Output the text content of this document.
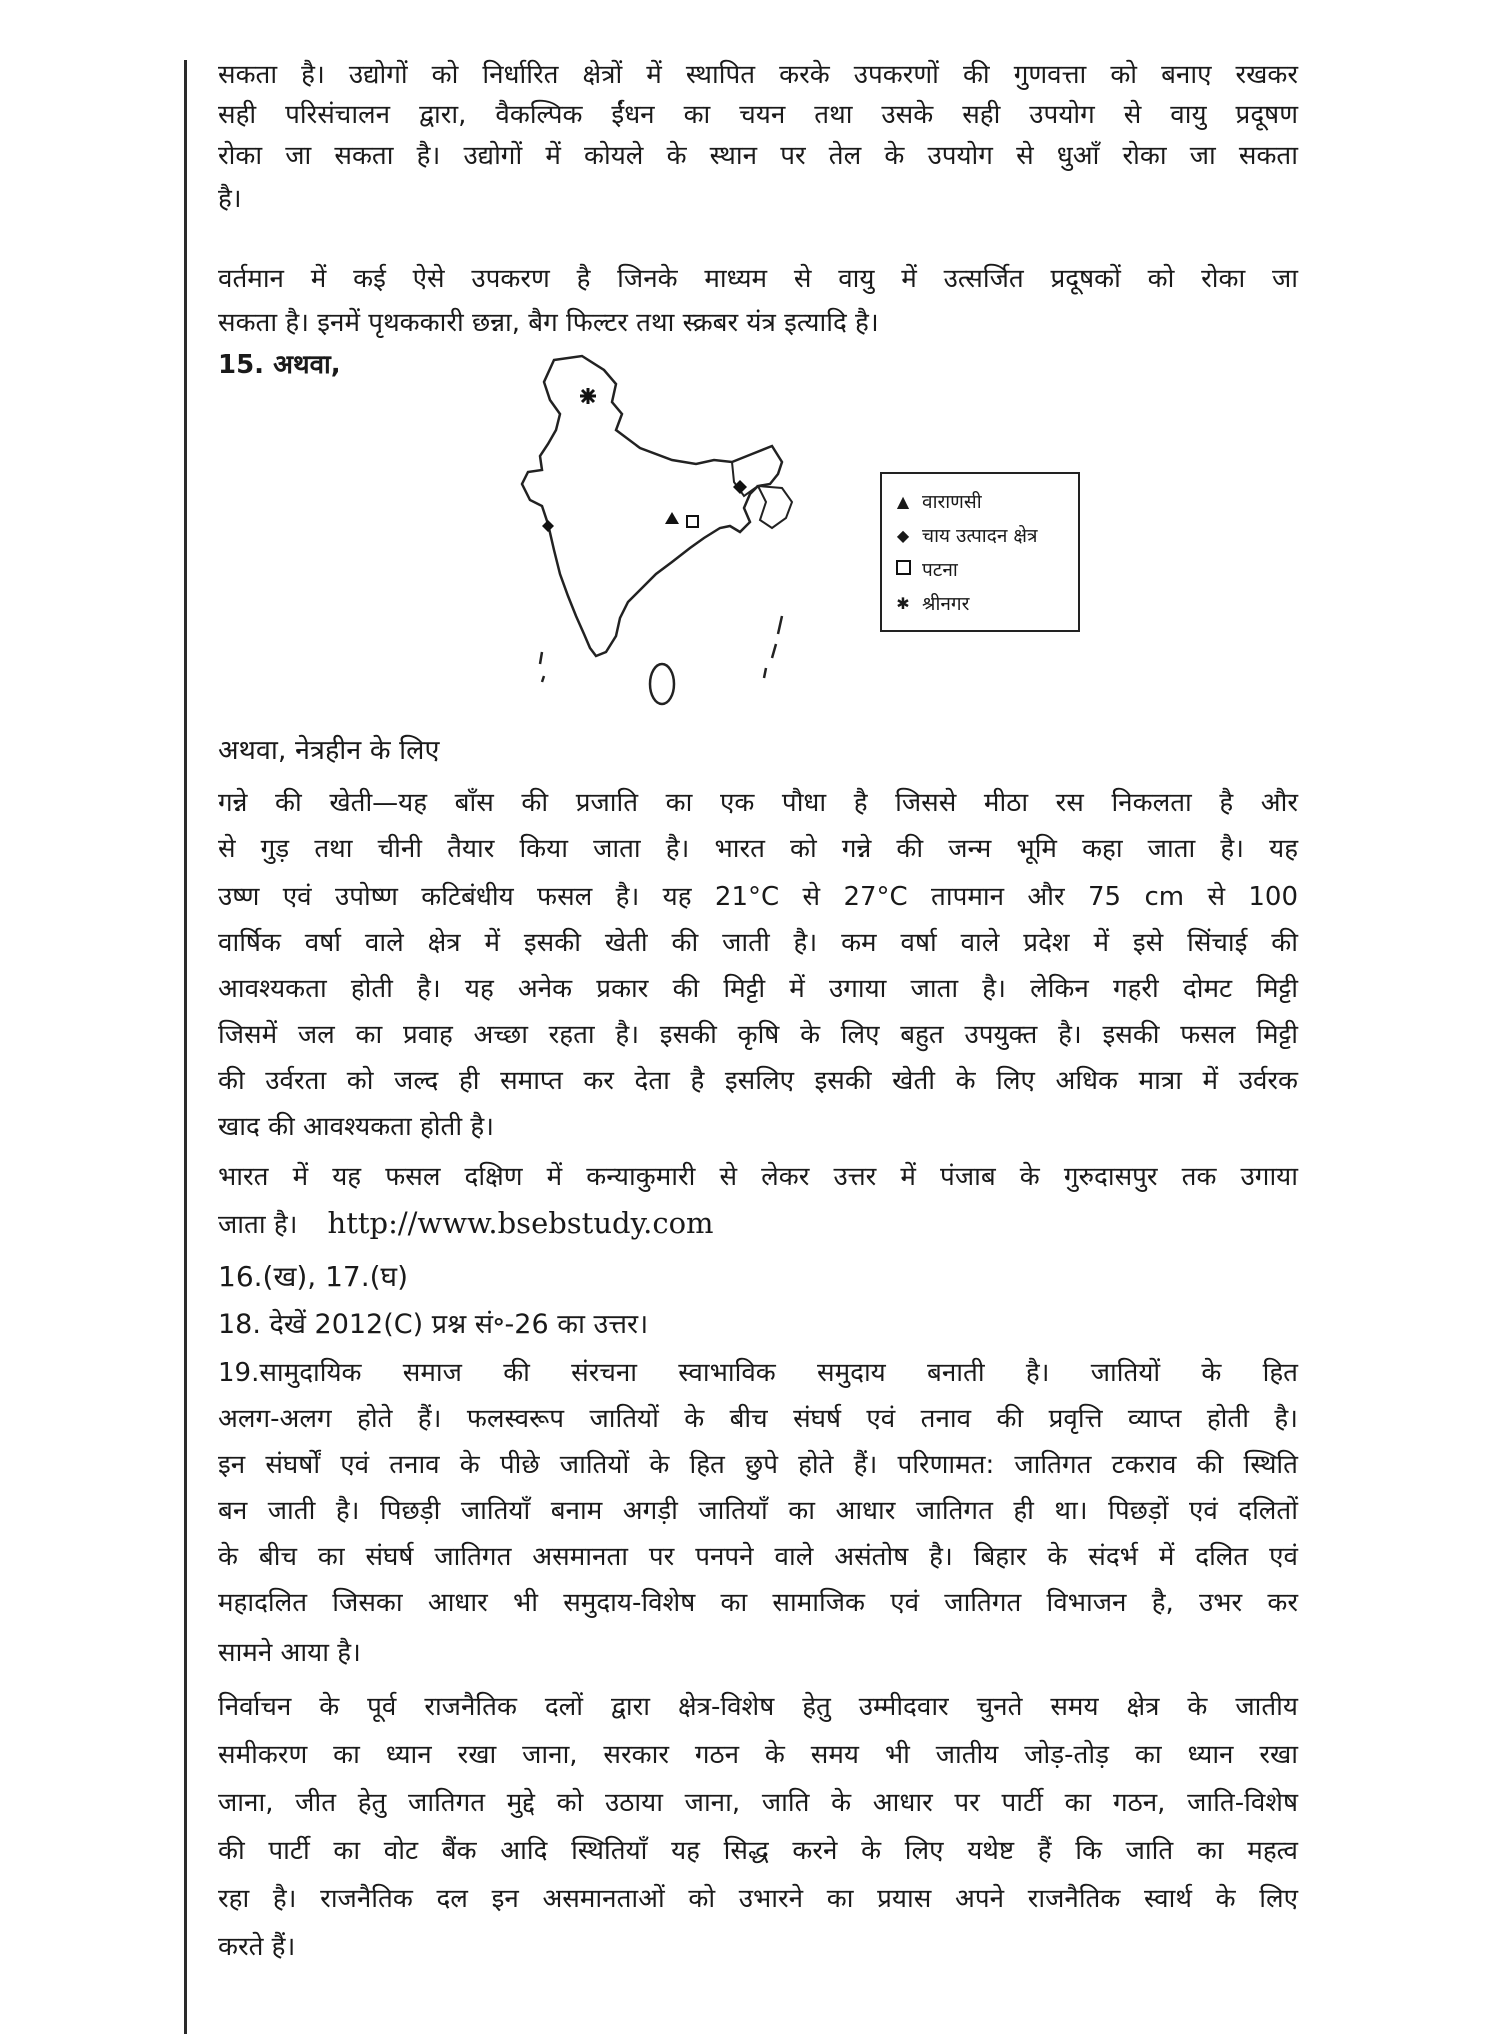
सकता है। उद्योगों को निर्धारित क्षेत्रों में स्थापित करके उपकरणों की गुणवत्ता को बनाए रखकर
सही परिसंचालन द्वारा, वैकल्पिक ईंधन का चयन तथा उसके सही उपयोग से वायु प्रदूषण
रोका जा सकता है। उद्योगों में कोयले के स्थान पर तेल के उपयोग से धुआँ रोका जा सकता
है।
वर्तमान में कई ऐसे उपकरण है जिनके माध्यम से वायु में उत्सर्जित प्रदूषकों को रोका जा
सकता है। इनमें पृथककारी छन्ना, बैग फिल्टर तथा स्क्रबर यंत्र इत्यादि है।
15. अथवा,
▲ वाराणसी
◆ चाय उत्पादन क्षेत्र
पटना
✱ श्रीनगर
अथवा, नेत्रहीन के लिए
गन्ने की खेती—यह बाँस की प्रजाति का एक पौधा है जिससे मीठा रस निकलता है और
से गुड़ तथा चीनी तैयार किया जाता है। भारत को गन्ने की जन्म भूमि कहा जाता है। यह
उष्ण एवं उपोष्ण कटिबंधीय फसल है। यह 21°C से 27°C तापमान और 75 cm से 100
वार्षिक वर्षा वाले क्षेत्र में इसकी खेती की जाती है। कम वर्षा वाले प्रदेश में इसे सिंचाई की
आवश्यकता होती है। यह अनेक प्रकार की मिट्टी में उगाया जाता है। लेकिन गहरी दोमट मिट्टी
जिसमें जल का प्रवाह अच्छा रहता है। इसकी कृषि के लिए बहुत उपयुक्त है। इसकी फसल मिट्टी
की उर्वरता को जल्द ही समाप्त कर देता है इसलिए इसकी खेती के लिए अधिक मात्रा में उर्वरक
खाद की आवश्यकता होती है।
भारत में यह फसल दक्षिण में कन्याकुमारी से लेकर उत्तर में पंजाब के गुरुदासपुर तक उगाया
जाता है। http://www.bsebstudy.com
16.(ख), 17.(घ)
18. देखें 2012(C) प्रश्न सं॰-26 का उत्तर।
19.सामुदायिक समाज की संरचना स्वाभाविक समुदाय बनाती है। जातियों के हित
अलग-अलग होते हैं। फलस्वरूप जातियों के बीच संघर्ष एवं तनाव की प्रवृत्ति व्याप्त होती है।
इन संघर्षों एवं तनाव के पीछे जातियों के हित छुपे होते हैं। परिणामत: जातिगत टकराव की स्थिति
बन जाती है। पिछड़ी जातियाँ बनाम अगड़ी जातियाँ का आधार जातिगत ही था। पिछड़ों एवं दलितों
के बीच का संघर्ष जातिगत असमानता पर पनपने वाले असंतोष है। बिहार के संदर्भ में दलित एवं
महादलित जिसका आधार भी समुदाय-विशेष का सामाजिक एवं जातिगत विभाजन है, उभर कर
सामने आया है।
निर्वाचन के पूर्व राजनैतिक दलों द्वारा क्षेत्र-विशेष हेतु उम्मीदवार चुनते समय क्षेत्र के जातीय
समीकरण का ध्यान रखा जाना, सरकार गठन के समय भी जातीय जोड़-तोड़ का ध्यान रखा
जाना, जीत हेतु जातिगत मुद्दे को उठाया जाना, जाति के आधार पर पार्टी का गठन, जाति-विशेष
की पार्टी का वोट बैंक आदि स्थितियाँ यह सिद्ध करने के लिए यथेष्ट हैं कि जाति का महत्व
रहा है। राजनैतिक दल इन असमानताओं को उभारने का प्रयास अपने राजनैतिक स्वार्थ के लिए
करते हैं।
